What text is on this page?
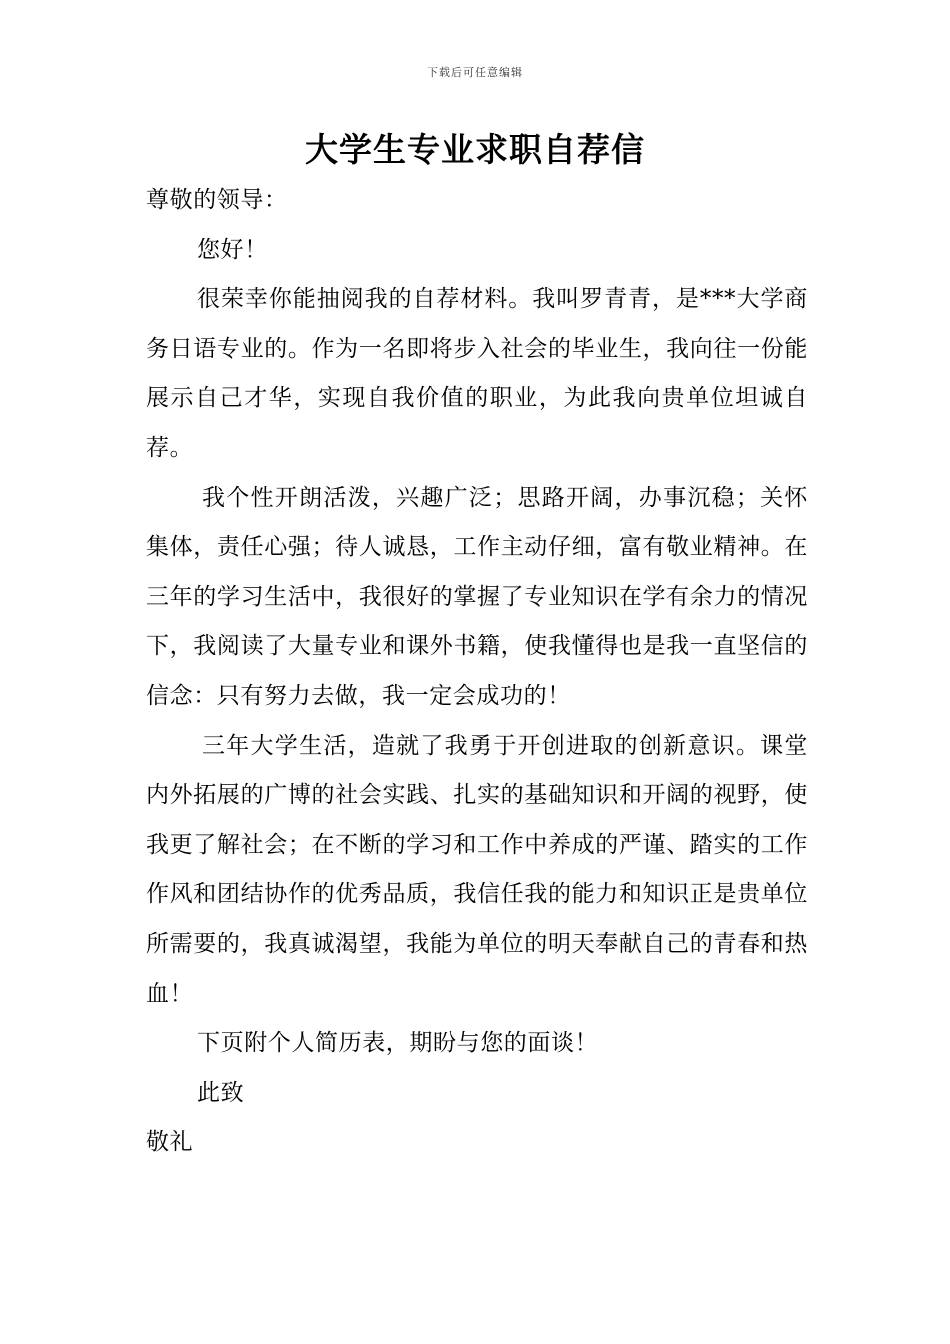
下载后可任意编辑
大学生专业求职自荐信

尊敬的领导：

您好！

很荣幸你能抽阅我的自荐材料。我叫罗青青，是***大学商务日语专业的。作为一名即将步入社会的毕业生，我向往一份能展示自己才华，实现自我价值的职业，为此我向贵单位坦诚自荐。

我个性开朗活泼，兴趣广泛；思路开阔，办事沉稳；关怀集体，责任心强；待人诚恳，工作主动仔细，富有敬业精神。在三年的学习生活中，我很好的掌握了专业知识在学有余力的情况下，我阅读了大量专业和课外书籍，使我懂得也是我一直坚信的信念：只有努力去做，我一定会成功的！

三年大学生活，造就了我勇于开创进取的创新意识。课堂内外拓展的广博的社会实践、扎实的基础知识和开阔的视野，使我更了解社会；在不断的学习和工作中养成的严谨、踏实的工作作风和团结协作的优秀品质，我信任我的能力和知识正是贵单位所需要的，我真诚渴望，我能为单位的明天奉献自己的青春和热血！

下页附个人简历表，期盼与您的面谈！

此致

敬礼
